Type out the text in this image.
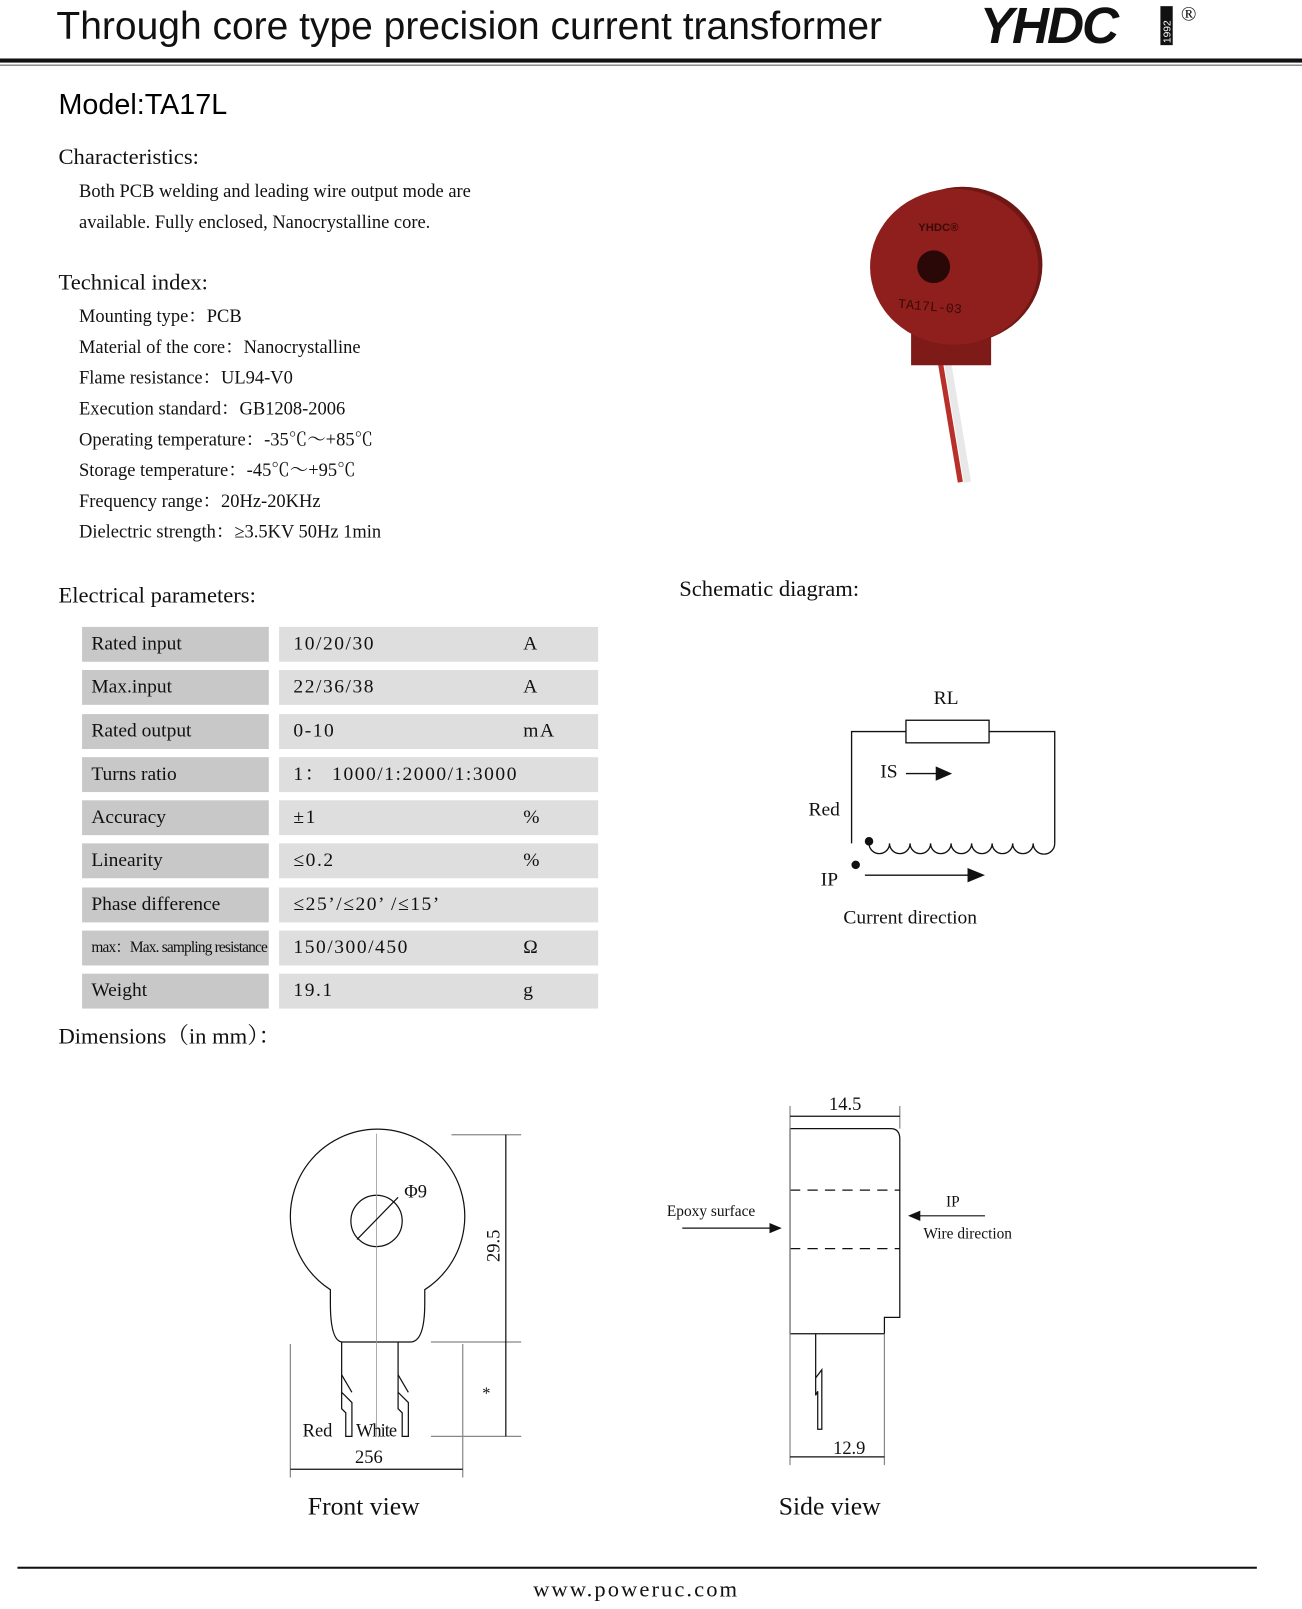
Through core type precision current transformer YHDC	1992
®
Model:TA17L
Characteristics:
Both PCB welding and leading wire output mode are
available. Fully enclosed, Nanocrystalline core.
Technical index:
Mounting type：PCB
Material of the core：Nanocrystalline
Flame resistance：UL94-V0
Execution standard：GB1208-2006
Operating temperature：-35℃～+85℃
Storage temperature：-45℃～+95℃
Frequency range：20Hz-20KHz
Dielectric strength：≥3.5KV 50Hz 1min
YHDC®
TA17L-03
Electrical parameters:
Rated input	10/20/30	A
Max.input	22/36/38	A
Rated output	0-10	mA
Turns ratio	1： 1000/1:2000/1:3000
Accuracy	±1	%
Linearity	≤0.2	%
Phase difference	≤25’/≤20’ /≤15’
max：Max. sampling resistance 150/300/450	Ω
Weight	19.1	g
Schematic diagram:
RL
IS
Red
IP
Current direction
Dimensions（in mm）：
Φ9
29.5
*
Red White
256
Front view
14.5
12.9
Epoxy surface
IP
Wire direction
Side view
www.poweruc.com
